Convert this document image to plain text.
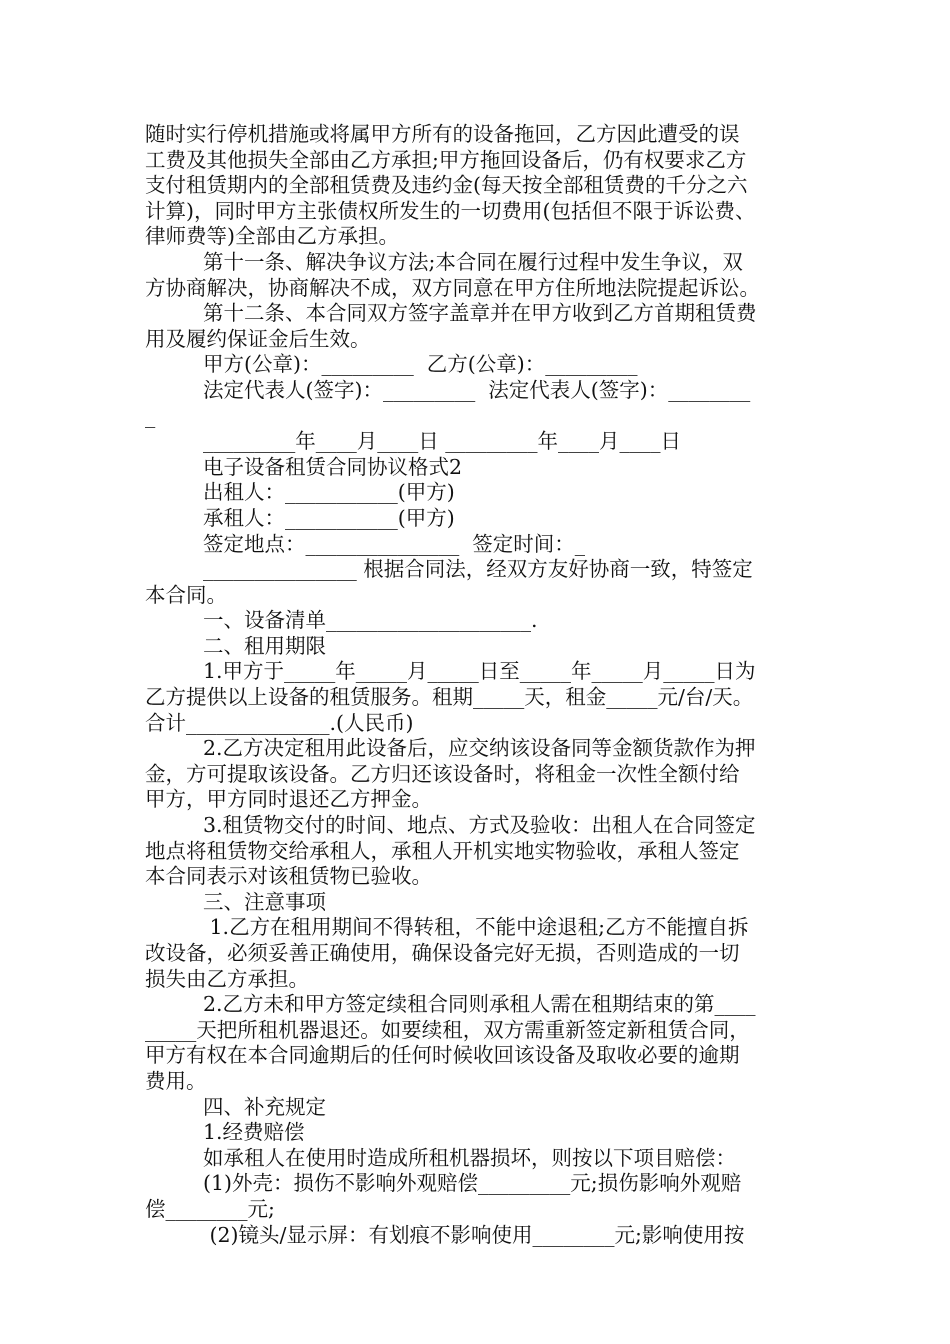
随时实行停机措施或将属甲方所有的设备拖回，乙方因此遭受的误
工费及其他损失全部由乙方承担;甲方拖回设备后，仍有权要求乙方
支付租赁期内的全部租赁费及违约金(每天按全部租赁费的千分之六
计算)，同时甲方主张债权所发生的一切费用(包括但不限于诉讼费、
律师费等)全部由乙方承担。
第十一条、解决争议方法;本合同在履行过程中发生争议，双
方协商解决，协商解决不成，双方同意在甲方住所地法院提起诉讼。
第十二条、本合同双方签字盖章并在甲方收到乙方首期租赁费
用及履约保证金后生效。
甲方(公章)：_________  乙方(公章)：_________
法定代表人(签字)：_________  法定代表人(签字)：________
_
_________年____月____日 _________年____月____日
电子设备租赁合同协议格式2
出租人：___________(甲方)
承租人：___________(甲方)
签定地点：_______________  签定时间：_
_______________ 根据合同法，经双方友好协商一致，特签定
本合同。
一、设备清单____________________.
二、租用期限
1.甲方于_____年_____月_____日至_____年_____月_____日为
乙方提供以上设备的租赁服务。租期_____天，租金_____元/台/天。
合计______________.(人民币)
2.乙方决定租用此设备后，应交纳该设备同等金额货款作为押
金，方可提取该设备。乙方归还该设备时，将租金一次性全额付给
甲方，甲方同时退还乙方押金。
3.租赁物交付的时间、地点、方式及验收：出租人在合同签定
地点将租赁物交给承租人，承租人开机实地实物验收，承租人签定
本合同表示对该租赁物已验收。
三、注意事项
1.乙方在租用期间不得转租，不能中途退租;乙方不能擅自拆
改设备，必须妥善正确使用，确保设备完好无损，否则造成的一切
损失由乙方承担。
2.乙方未和甲方签定续租合同则承租人需在租期结束的第____
_____天把所租机器退还。如要续租，双方需重新签定新租赁合同，
甲方有权在本合同逾期后的任何时候收回该设备及取收必要的逾期
费用。
四、补充规定
1.经费赔偿
如承租人在使用时造成所租机器损坏，则按以下项目赔偿：
(1)外壳：损伤不影响外观赔偿_________元;损伤影响外观赔
偿________元;
(2)镜头/显示屏：有划痕不影响使用________元;影响使用按
